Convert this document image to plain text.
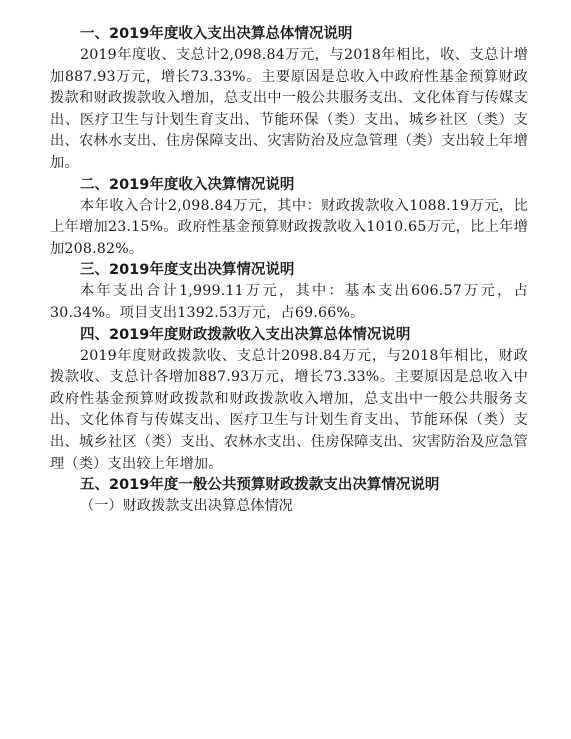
一、2019年度收入支出决算总体情况说明

2019年度收、支总计2,098.84万元，与2018年相比，收、支总计增加887.93万元，增长73.33%。主要原因是总收入中政府性基金预算财政拨款和财政拨款收入增加，总支出中一般公共服务支出、文化体育与传媒支出、医疗卫生与计划生育支出、节能环保（类）支出、城乡社区（类）支出、农林水支出、住房保障支出、灾害防治及应急管理（类）支出较上年增加。

二、2019年度收入决算情况说明

本年收入合计2,098.84万元，其中：财政拨款收入1088.19万元，比上年增加23.15%。政府性基金预算财政拨款收入1010.65万元，比上年增加208.82%。

三、2019年度支出决算情况说明

本年支出合计1,999.11万元，其中：基本支出606.57万元，占30.34%。项目支出1392.53万元，占69.66%。

四、2019年度财政拨款收入支出决算总体情况说明

2019年度财政拨款收、支总计2098.84万元，与2018年相比，财政拨款收、支总计各增加887.93万元，增长73.33%。主要原因是总收入中政府性基金预算财政拨款和财政拨款收入增加，总支出中一般公共服务支出、文化体育与传媒支出、医疗卫生与计划生育支出、节能环保（类）支出、城乡社区（类）支出、农林水支出、住房保障支出、灾害防治及应急管理（类）支出较上年增加。

五、2019年度一般公共预算财政拨款支出决算情况说明

（一）财政拨款支出决算总体情况
